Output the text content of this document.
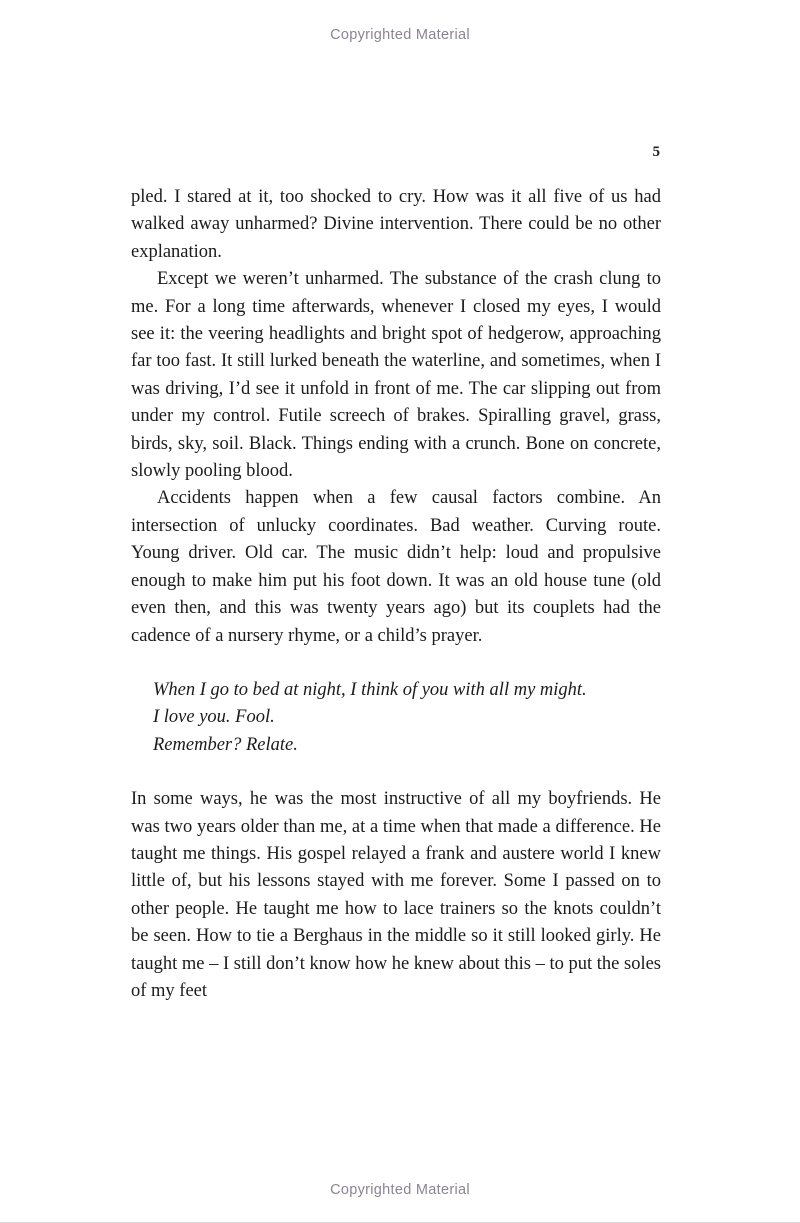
Copyrighted Material
5

pled. I stared at it, too shocked to cry. How was it all five of us had walked away unharmed? Divine intervention. There could be no other explanation.

Except we weren’t unharmed. The substance of the crash clung to me. For a long time afterwards, whenever I closed my eyes, I would see it: the veering headlights and bright spot of hedgerow, approaching far too fast. It still lurked beneath the waterline, and sometimes, when I was driving, I’d see it unfold in front of me. The car slipping out from under my control. Futile screech of brakes. Spiralling gravel, grass, birds, sky, soil. Black. Things ending with a crunch. Bone on concrete, slowly pooling blood.

Accidents happen when a few causal factors combine. An intersection of unlucky coordinates. Bad weather. Curving route. Young driver. Old car. The music didn’t help: loud and propulsive enough to make him put his foot down. It was an old house tune (old even then, and this was twenty years ago) but its couplets had the cadence of a nursery rhyme, or a child’s prayer.

When I go to bed at night, I think of you with all my might.

I love you. Fool.

Remember? Relate.

In some ways, he was the most instructive of all my boyfriends. He was two years older than me, at a time when that made a difference. He taught me things. His gospel relayed a frank and austere world I knew little of, but his lessons stayed with me forever. Some I passed on to other people. He taught me how to lace trainers so the knots couldn’t be seen. How to tie a Berghaus in the middle so it still looked girly. He taught me – I still don’t know how he knew about this – to put the soles of my feet

Copyrighted Material
